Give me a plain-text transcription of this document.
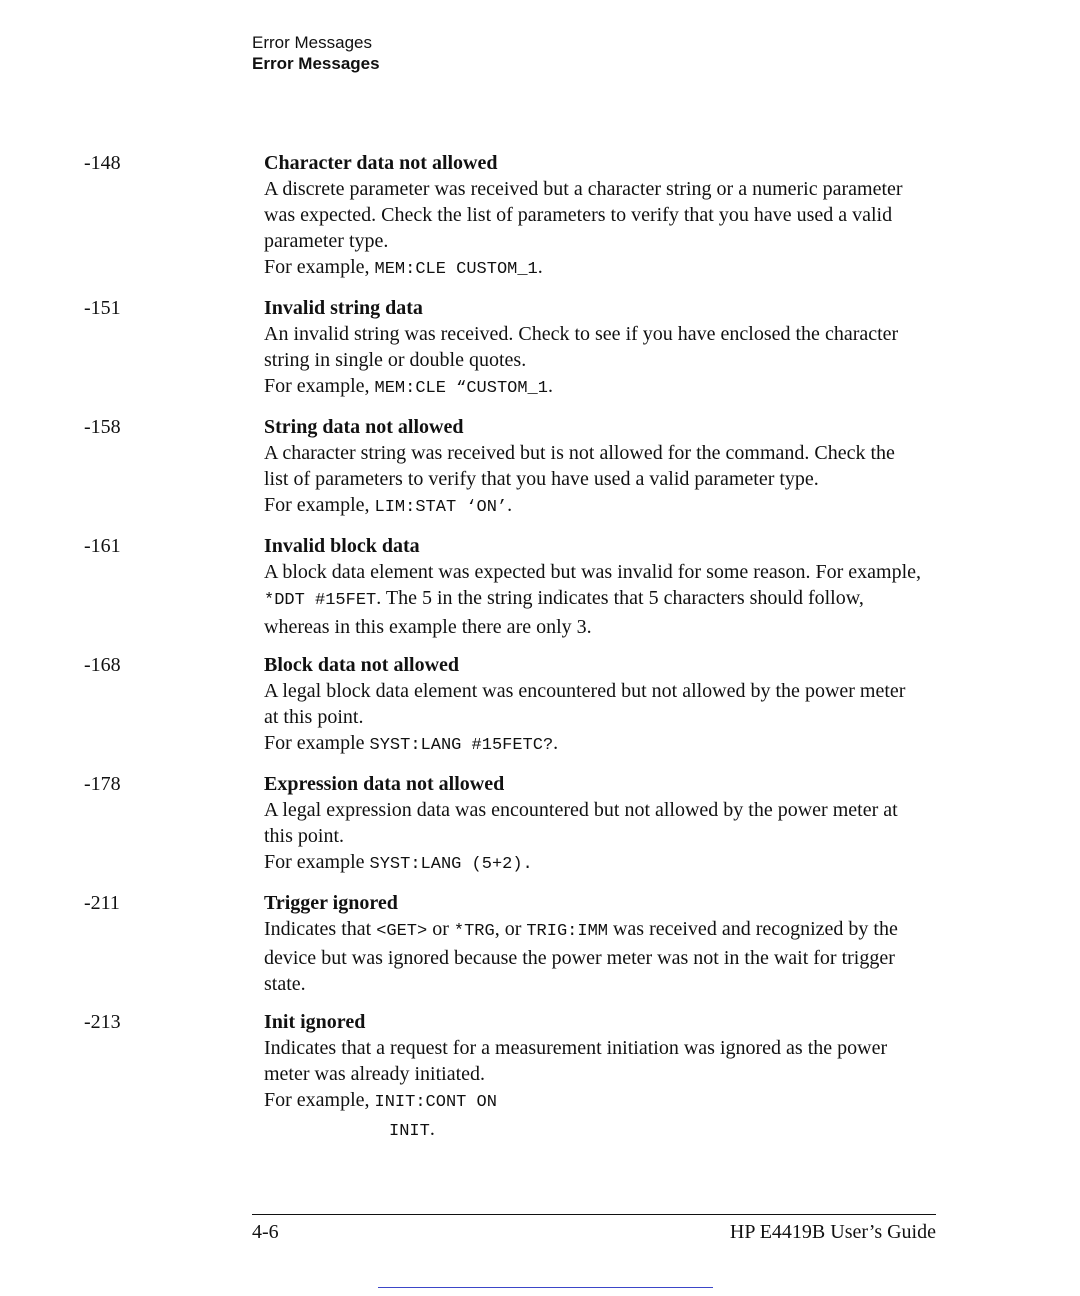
Error Messages
Error Messages
-148	Character data not allowed
A discrete parameter was received but a character string or a numeric parameter was expected. Check the list of parameters to verify that you have used a valid parameter type.
For example, MEM:CLE CUSTOM_1.
-151	Invalid string data
An invalid string was received. Check to see if you have enclosed the character string in single or double quotes.
For example, MEM:CLE “CUSTOM_1.
-158	String data not allowed
A character string was received but is not allowed for the command. Check the list of parameters to verify that you have used a valid parameter type.
For example, LIM:STAT ‘ON’.
-161	Invalid block data
A block data element was expected but was invalid for some reason. For example, *DDT #15FET. The 5 in the string indicates that 5 characters should follow, whereas in this example there are only 3.
-168	Block data not allowed
A legal block data element was encountered but not allowed by the power meter at this point.
For example SYST:LANG #15FETC?.
-178	Expression data not allowed
A legal expression data was encountered but not allowed by the power meter at this point.
For example SYST:LANG (5+2).
-211	Trigger ignored
Indicates that <GET> or *TRG, or TRIG:IMM was received and recognized by the device but was ignored because the power meter was not in the wait for trigger state.
-213	Init ignored
Indicates that a request for a measurement initiation was ignored as the power meter was already initiated.
For example, INIT:CONT ON
INIT.
4-6	HP E4419B User’s Guide
